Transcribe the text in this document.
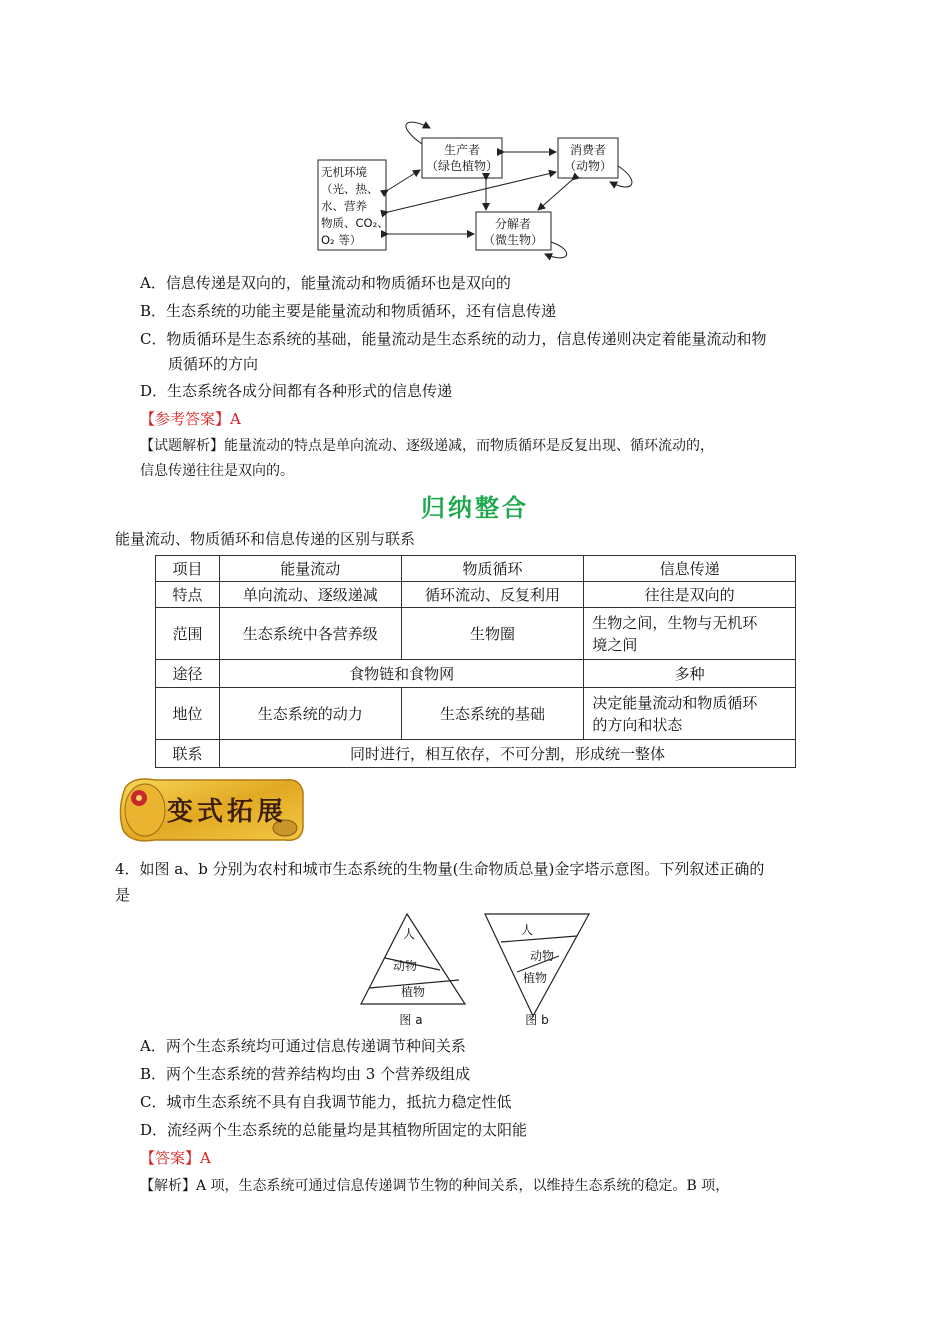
生产者
（绿色植物）
消费者
（动物）
分解者
（微生物）
无机环境
（光、热、
水、营养
物质、CO₂、
O₂ 等）
A．信息传递是双向的，能量流动和物质循环也是双向的
B．生态系统的功能主要是能量流动和物质循环，还有信息传递
C．物质循环是生态系统的基础，能量流动是生态系统的动力，信息传递则决定着能量流动和物
质循环的方向
D．生态系统各成分间都有各种形式的信息传递
【参考答案】A
【试题解析】能量流动的特点是单向流动、逐级递减，而物质循环是反复出现、循环流动的，
信息传递往往是双向的。
归纳整合
能量流动、物质循环和信息传递的区别与联系
项目	能量流动	物质循环	信息传递
特点	单向流动、逐级递减	循环流动、反复利用	往往是双向的
范围	生态系统中各营养级	生物圈	生物之间，生物与无机环
境之间

途径	食物链和食物网		多种
地位	生态系统的动力	生态系统的基础	决定能量流动和物质循环
的方向和状态

联系	同时进行，相互依存，不可分割，形成统一整体		
变式拓展
4．如图 a、b 分别为农村和城市生态系统的生物量(生命物质总量)金字塔示意图。下列叙述正确的
是
人
动物
植物
图 a
人
动物
植物
图 b
A．两个生态系统均可通过信息传递调节种间关系
B．两个生态系统的营养结构均由 3 个营养级组成
C．城市生态系统不具有自我调节能力，抵抗力稳定性低
D．流经两个生态系统的总能量均是其植物所固定的太阳能
【答案】A
【解析】A 项，生态系统可通过信息传递调节生物的种间关系，以维持生态系统的稳定。B 项，
